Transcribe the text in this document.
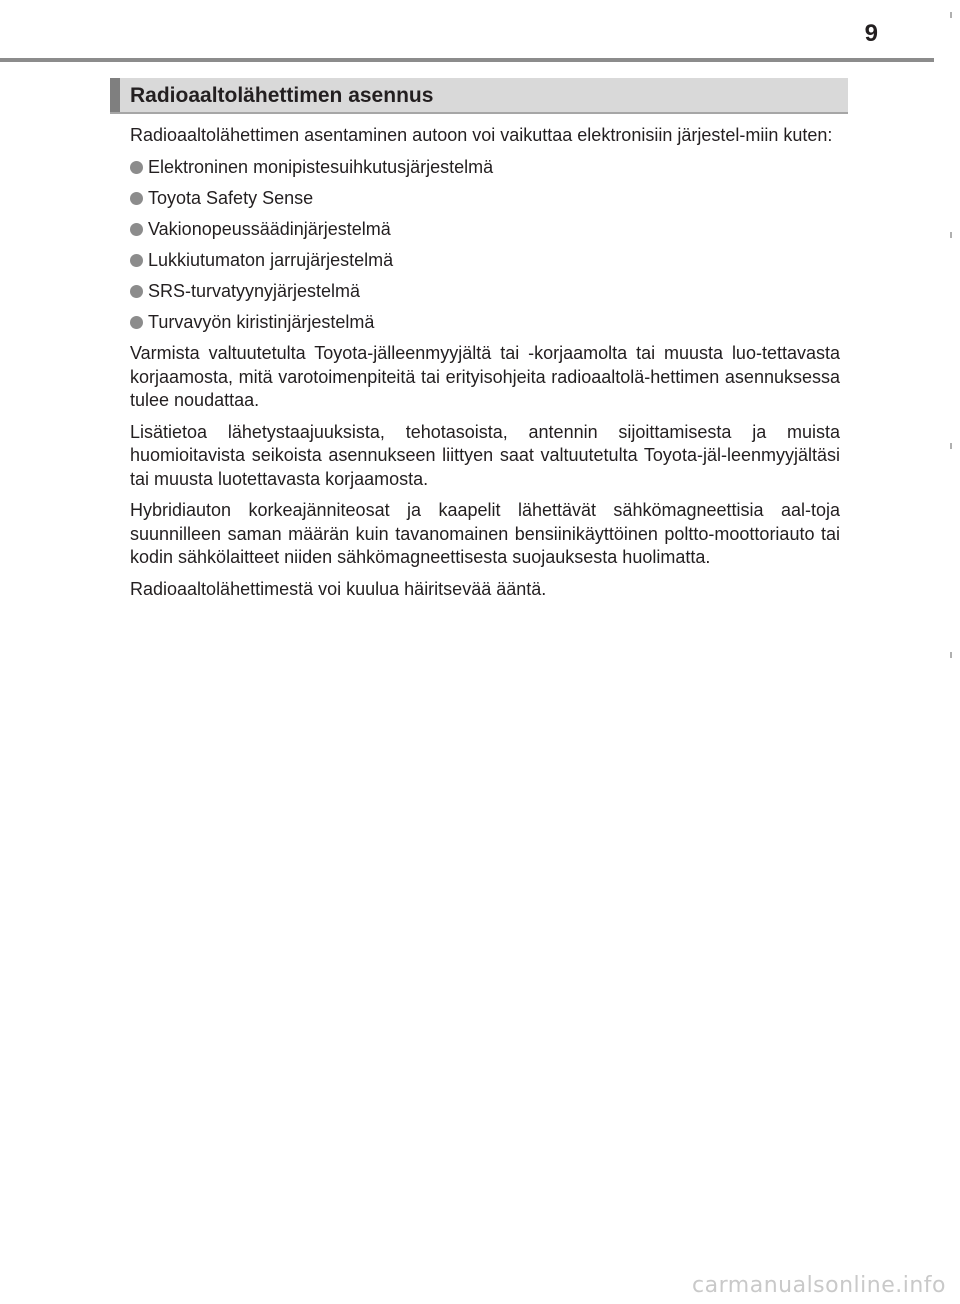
9
Radioaaltolähettimen asennus

Radioaaltolähettimen asentaminen autoon voi vaikuttaa elektronisiin järjestel-miin kuten:

Elektroninen monipistesuihkutusjärjestelmä
Toyota Safety Sense
Vakionopeussäädinjärjestelmä
Lukkiutumaton jarrujärjestelmä
SRS-turvatyynyjärjestelmä
Turvavyön kiristinjärjestelmä

Varmista valtuutetulta Toyota-jälleenmyyjältä tai -korjaamolta tai muusta luo-tettavasta korjaamosta, mitä varotoimenpiteitä tai erityisohjeita radioaaltolä-hettimen asennuksessa tulee noudattaa.

Lisätietoa lähetystaajuuksista, tehotasoista, antennin sijoittamisesta ja muista huomioitavista seikoista asennukseen liittyen saat valtuutetulta Toyota-jäl-leenmyyjältäsi tai muusta luotettavasta korjaamosta.

Hybridiauton korkeajänniteosat ja kaapelit lähettävät sähkömagneettisia aal-toja suunnilleen saman määrän kuin tavanomainen bensiinikäyttöinen poltto-moottoriauto tai kodin sähkölaitteet niiden sähkömagneettisesta suojauksesta huolimatta.

Radioaaltolähettimestä voi kuulua häiritsevää ääntä.

carmanualsonline.info
